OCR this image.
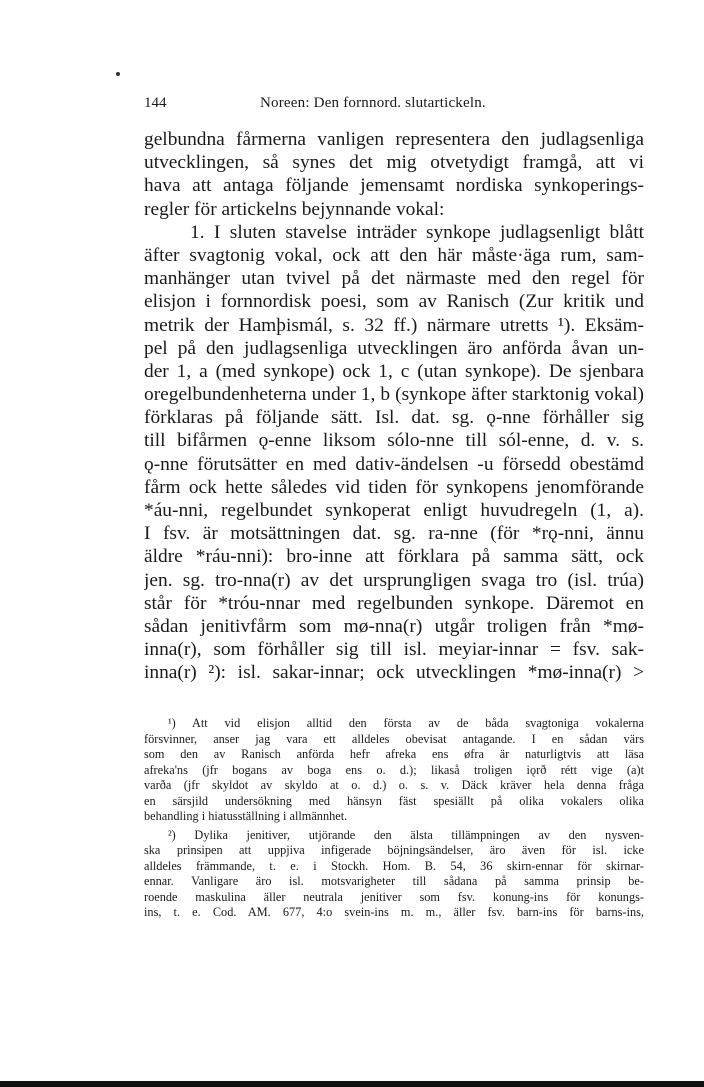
144	Noreen: Den fornnord. slutartickeln.
gelbundna fårmerna vanligen representera den judlagsenliga
utvecklingen, så synes det mig otvetydigt framgå, att vi
hava att antaga följande jemensamt nordiska synkoperings-
regler för artickelns bejynnande vokal:
1. I sluten stavelse inträder synkope judlagsenligt blått
äfter svagtonig vokal, ock att den här måste·äga rum, sam-
manhänger utan tvivel på det närmaste med den regel för
elisjon i fornnordisk poesi, som av Ranisch (Zur kritik und
metrik der Hamþismál, s. 32 ff.) närmare utretts ¹). Eksäm-
pel på den judlagsenliga utvecklingen äro anförda åvan un-
der 1, a (med synkope) ock 1, c (utan synkope). De sjenbara
oregelbundenheterna under 1, b (synkope äfter starktonig vokal)
förklaras på följande sätt. Isl. dat. sg. ǫ-nne förhåller sig
till bifårmen ǫ-enne liksom sólo-nne till sól-enne, d. v. s.
ǫ-nne förutsätter en med dativ-ändelsen -u försedd obestämd
fårm ock hette således vid tiden för synkopens jenomförande
*áu-nni, regelbundet synkoperat enligt huvudregeln (1, a).
I fsv. är motsättningen dat. sg. ra-nne (för *rǫ-nni, ännu
äldre *ráu-nni): bro-inne att förklara på samma sätt, ock
jen. sg. tro-nna(r) av det ursprungligen svaga tro (isl. trúa)
står för *tróu-nnar med regelbunden synkope. Däremot en
sådan jenitivfårm som mø-nna(r) utgår troligen från *mø-
inna(r), som förhåller sig till isl. meyiar-innar = fsv. sak-
inna(r) ²): isl. sakar-innar; ock utvecklingen *mø-inna(r) >
¹) Att vid elisjon alltid den första av de båda svagtoniga vokalerna
försvinner, anser jag vara ett alldeles obevisat antagande. I en sådan värs
som den av Ranisch anförda hefr afreka ens øfra är naturligtvis att läsa
afreka'ns (jfr bogans av boga ens o. d.); likaså troligen iǫrð rétt vige (a)t
varða (jfr skyldot av skyldo at o. d.) o. s. v. Däck kräver hela denna fråga
en särsjild undersökning med hänsyn fäst spesiällt på olika vokalers olika
behandling i hiatusställning i allmännhet.
²) Dylika jenitiver, utjörande den älsta tillämpningen av den nysven-
ska prinsipen att uppjiva infigerade böjningsändelser, äro även för isl. icke
alldeles främmande, t. e. i Stockh. Hom. B. 54, 36 skirn-ennar för skirnar-
ennar. Vanligare äro isl. motsvarigheter till sådana på samma prinsip be-
roende maskulina äller neutrala jenitiver som fsv. konung-ins för konungs-
ins, t. e. Cod. AM. 677, 4:o svein-ins m. m., äller fsv. barn-ins för barns-ins,
